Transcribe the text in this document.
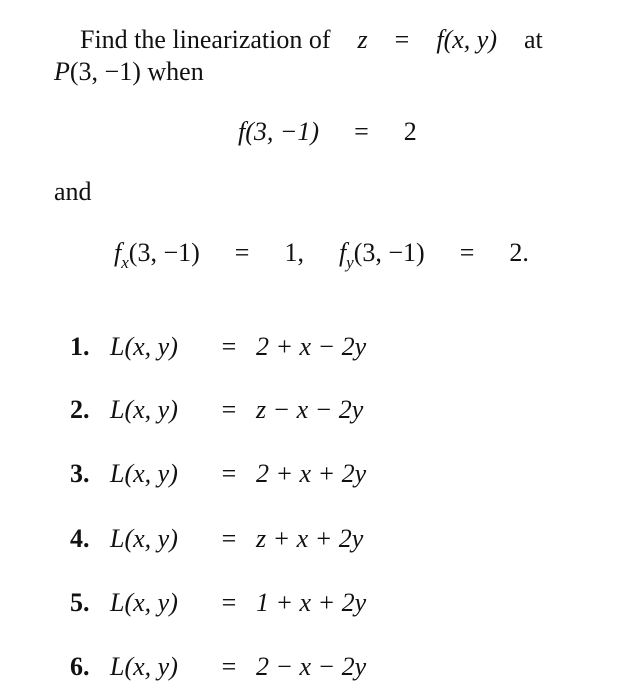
Find the linearization of z = f(x, y) at
P(3, −1) when
f(3, −1) = 2
and
$f_x(3$, −1) = 1, $f_y(3$, −1) = 2.
1. L(x, y) = 2 + x − 2y
2. L(x, y) = z − x − 2y
3. L(x, y) = 2 + x + 2y
4. L(x, y) = z + x + 2y
5. L(x, y) = 1 + x + 2y
6. L(x, y) = 2 − x − 2y
